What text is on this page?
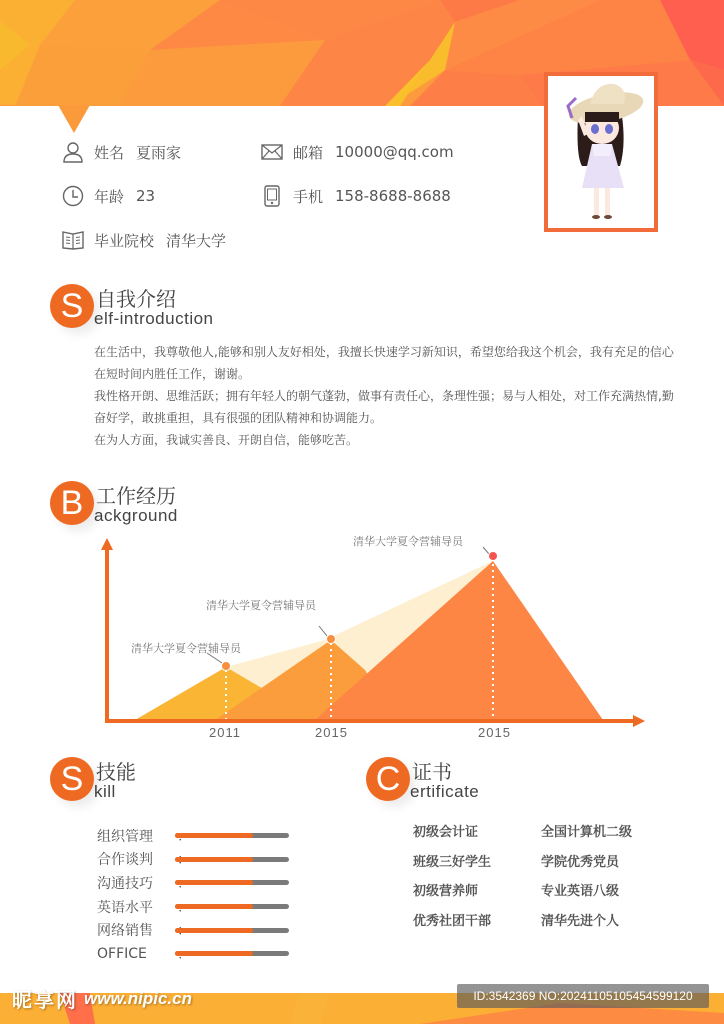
姓名 夏雨家
年龄 23
毕业院校 清华大学
邮箱 10000@qq.com
手机 158-8688-8688
S 自我介绍
elf-introduction

在生活中，我尊敬他人,能够和别人友好相处，我擅长快速学习新知识，希望您给我这个机会，我有充足的信心在短时间内胜任工作，谢谢。

我性格开朗、思维活跃；拥有年轻人的朝气蓬勃，做事有责任心，条理性强；易与人相处，对工作充满热情,勤奋好学，敢挑重担，具有很强的团队精神和协调能力。

在为人方面，我诚实善良、开朗自信，能够吃苦。

B 工作经历
ackground
清华大学夏令营辅导员
清华大学夏令营辅导员
清华大学夏令营辅导员
2011	2015	2015
S 技能
kill
组织管理
合作谈判
沟通技巧
英语水平
网络销售
OFFICE
C 证书
ertificate
初级会计证	全国计算机二级
班级三好学生	学院优秀党员
初级营养师	专业英语八级
优秀社团干部	清华先进个人
昵享网 www.nipic.cn	ID:3542369 NO:20241105105454599120
